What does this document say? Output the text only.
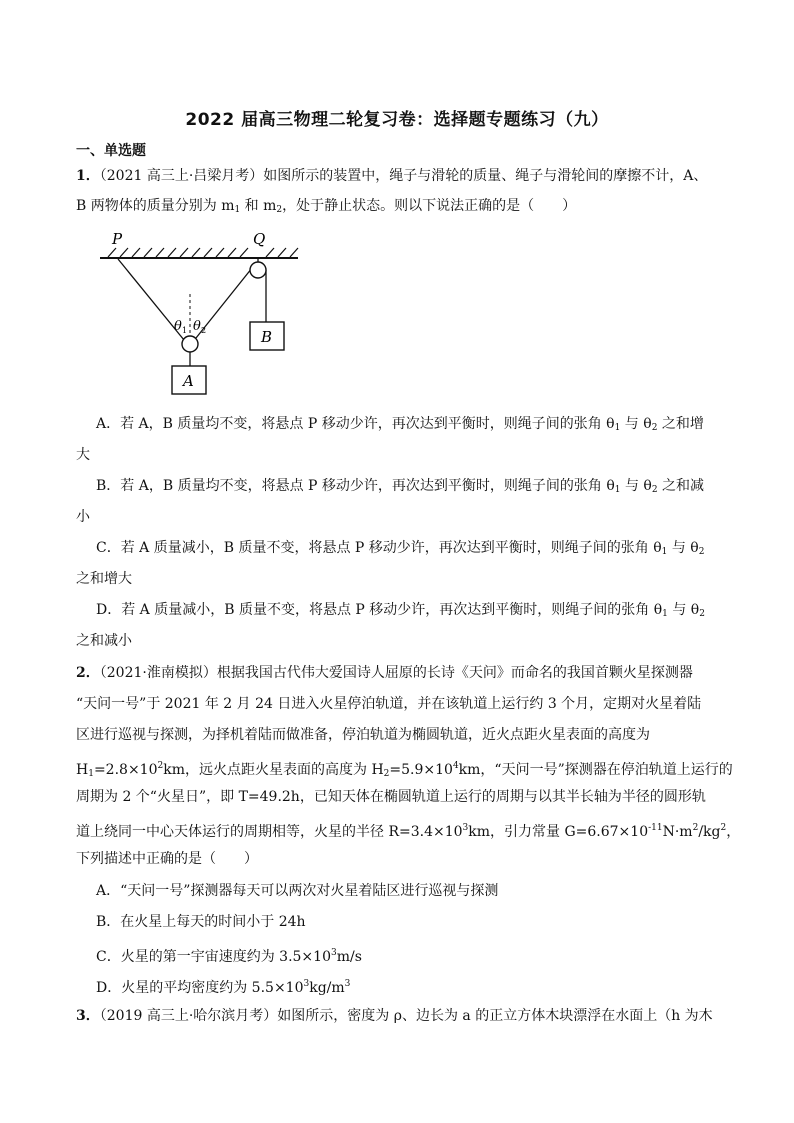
2022 届高三物理二轮复习卷：选择题专题练习（九）
一、单选题
1．（2021 高三上·吕梁月考）如图所示的装置中，绳子与滑轮的质量、绳子与滑轮间的摩擦不计，A、
B 两物体的质量分别为 $m_1$ 和 $m_2$，处于静止状态。则以下说法正确的是（　　）
P	Q
θ 1 θ 2
A
B
A．若 A，B 质量均不变，将悬点 P 移动少许，再次达到平衡时，则绳子间的张角 $\theta_1$ 与 $\theta_2$ 之和增
大
B．若 A，B 质量均不变，将悬点 P 移动少许，再次达到平衡时，则绳子间的张角 $\theta_1$ 与 $\theta_2$ 之和减
小
C．若 A 质量减小，B 质量不变，将悬点 P 移动少许，再次达到平衡时，则绳子间的张角 $\theta_1$ 与 $\theta_2$
之和增大
D．若 A 质量减小，B 质量不变，将悬点 P 移动少许，再次达到平衡时，则绳子间的张角 $\theta_1$ 与 $\theta_2$
之和减小
2．（2021·淮南模拟）根据我国古代伟大爱国诗人屈原的长诗《天问》而命名的我国首颗火星探测器
“天问一号”于 2021 年 2 月 24 日进入火星停泊轨道，并在该轨道上运行约 3 个月，定期对火星着陆
区进行巡视与探测，为择机着陆而做准备，停泊轨道为椭圆轨道，近火点距火星表面的高度为
$H_1=2.8\times 10^2km$，远火点距火星表面的高度为 $H_2=5.9\times 10^4km$，“天问一号”探测器在停泊轨道上运行的
周期为 2 个“火星日”，即 T=49.2h，已知天体在椭圆轨道上运行的周期与以其半长轴为半径的圆形轨
道上绕同一中心天体运行的周期相等，火星的半径 $R=3.4\times 10^3km$，引力常量 $G=6.67\times 10^{-11}N\cdot m^2/kg^2$，
下列描述中正确的是（　　）
A．“天问一号”探测器每天可以两次对火星着陆区进行巡视与探测
B．在火星上每天的时间小于 24h
C．火星的第一宇宙速度约为 $3.5\times 10^3m/s$
D．火星的平均密度约为 $5.5\times 10^3kg/m^3$
3．（2019 高三上·哈尔滨月考）如图所示，密度为 ρ、边长为 a 的正立方体木块漂浮在水面上（h 为木
